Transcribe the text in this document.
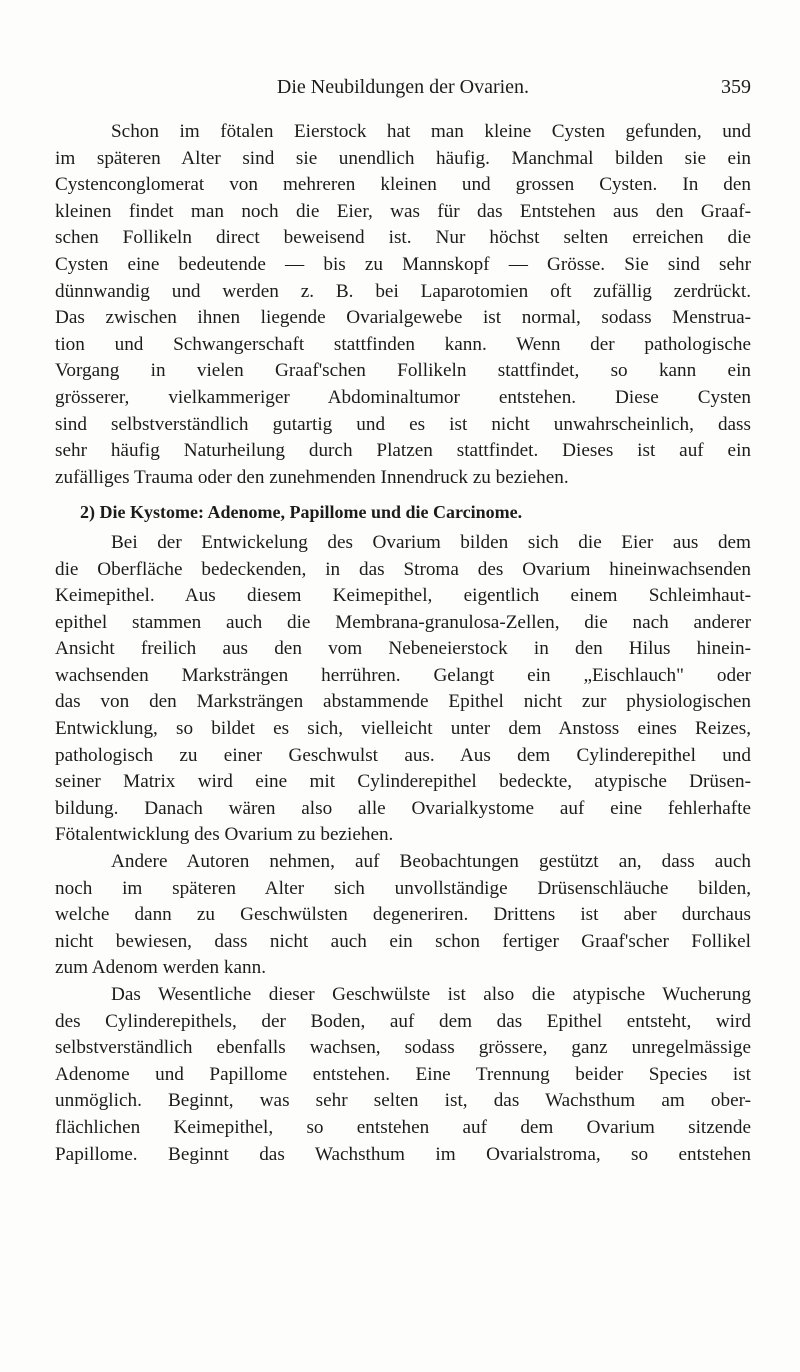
Die Neubildungen der Ovarien.	359
Schon im fötalen Eierstock hat man kleine Cysten gefunden, und
im späteren Alter sind sie unendlich häufig. Manchmal bilden sie ein
Cystenconglomerat von mehreren kleinen und grossen Cysten. In den
kleinen findet man noch die Eier, was für das Entstehen aus den Graaf-
schen Follikeln direct beweisend ist. Nur höchst selten erreichen die
Cysten eine bedeutende — bis zu Mannskopf — Grösse. Sie sind sehr
dünnwandig und werden z. B. bei Laparotomien oft zufällig zerdrückt.
Das zwischen ihnen liegende Ovarialgewebe ist normal, sodass Menstrua-
tion und Schwangerschaft stattfinden kann. Wenn der pathologische
Vorgang in vielen Graaf'schen Follikeln stattfindet, so kann ein
grösserer, vielkammeriger Abdominaltumor entstehen. Diese Cysten
sind selbstverständlich gutartig und es ist nicht unwahrscheinlich, dass
sehr häufig Naturheilung durch Platzen stattfindet. Dieses ist auf ein
zufälliges Trauma oder den zunehmenden Innendruck zu beziehen.
2) Die Kystome: Adenome, Papillome und die Carcinome.
Bei der Entwickelung des Ovarium bilden sich die Eier aus dem
die Oberfläche bedeckenden, in das Stroma des Ovarium hineinwachsenden
Keimepithel. Aus diesem Keimepithel, eigentlich einem Schleimhaut-
epithel stammen auch die Membrana-granulosa-Zellen, die nach anderer
Ansicht freilich aus den vom Nebeneierstock in den Hilus hinein-
wachsenden Marksträngen herrühren. Gelangt ein „Eischlauch" oder
das von den Marksträngen abstammende Epithel nicht zur physiologischen
Entwicklung, so bildet es sich, vielleicht unter dem Anstoss eines Reizes,
pathologisch zu einer Geschwulst aus. Aus dem Cylinderepithel und
seiner Matrix wird eine mit Cylinderepithel bedeckte, atypische Drüsen-
bildung. Danach wären also alle Ovarialkystome auf eine fehlerhafte
Fötalentwicklung des Ovarium zu beziehen.
Andere Autoren nehmen, auf Beobachtungen gestützt an, dass auch
noch im späteren Alter sich unvollständige Drüsenschläuche bilden,
welche dann zu Geschwülsten degeneriren. Drittens ist aber durchaus
nicht bewiesen, dass nicht auch ein schon fertiger Graaf'scher Follikel
zum Adenom werden kann.
Das Wesentliche dieser Geschwülste ist also die atypische Wucherung
des Cylinderepithels, der Boden, auf dem das Epithel entsteht, wird
selbstverständlich ebenfalls wachsen, sodass grössere, ganz unregelmässige
Adenome und Papillome entstehen. Eine Trennung beider Species ist
unmöglich. Beginnt, was sehr selten ist, das Wachsthum am ober-
flächlichen Keimepithel, so entstehen auf dem Ovarium sitzende
Papillome. Beginnt das Wachsthum im Ovarialstroma, so entstehen
